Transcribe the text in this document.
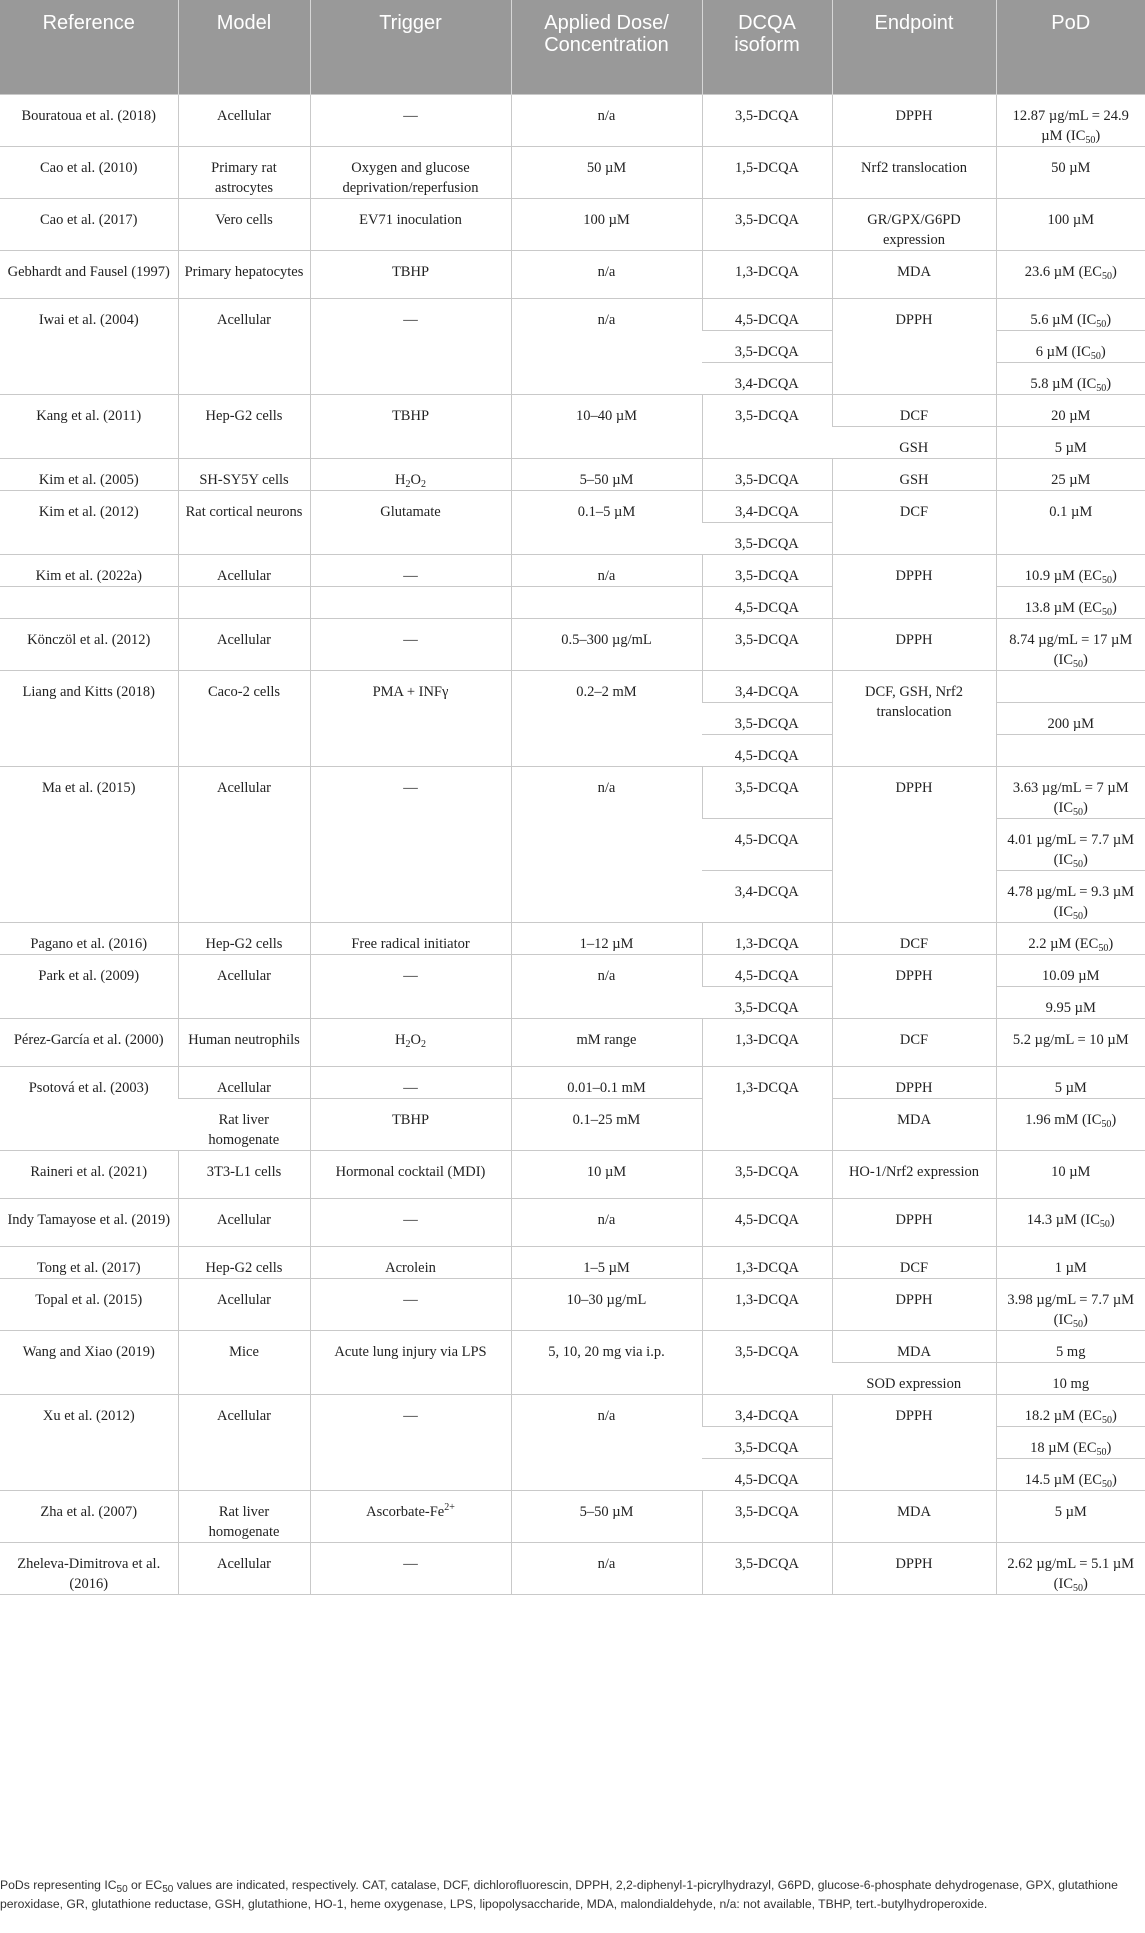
Reference	Model	Trigger	Applied Dose/ Concentration	DCQA isoform	Endpoint	PoD
Bouratoua et al. (2018)	Acellular	—	n/a	3,5-DCQA	DPPH	12.87 µg/mL = 24.9 µM $(IC_{50})$
Cao et al. (2010)	Primary rat astrocytes	Oxygen and glucose deprivation/reperfusion	50 µM	1,5-DCQA	Nrf2 translocation	50 µM
Cao et al. (2017)	Vero cells	EV71 inoculation	100 µM	3,5-DCQA	GR/GPX/G6PD expression	100 µM
Gebhardt and Fausel (1997)	Primary hepatocytes	TBHP	n/a	1,3-DCQA	MDA	23.6 µM $(EC_{50})$
Iwai et al. (2004)	Acellular	—	n/a	4,5-DCQA	DPPH	5.6 µM $(IC_{50})$
				3,5-DCQA		6 µM $(IC_{50})$
				3,4-DCQA		5.8 µM $(IC_{50})$
Kang et al. (2011)	Hep-G2 cells	TBHP	10–40 µM	3,5-DCQA	DCF	20 µM
					GSH	5 µM
Kim et al. (2005)	SH-SY5Y cells	$H_2O_2$	5–50 µM	3,5-DCQA	GSH	25 µM
Kim et al. (2012)	Rat cortical neurons	Glutamate	0.1–5 µM	3,4-DCQA	DCF	0.1 µM
				3,5-DCQA		
Kim et al. (2022a)	Acellular	—	n/a	3,5-DCQA	DPPH	10.9 µM $(EC_{50})$
				4,5-DCQA		13.8 µM $(EC_{50})$
Könczöl et al. (2012)	Acellular	—	0.5–300 µg/mL	3,5-DCQA	DPPH	8.74 µg/mL = 17 µM $(IC_{50})$
Liang and Kitts (2018)	Caco-2 cells	PMA + INFγ	0.2–2 mM	3,4-DCQA	DCF, GSH, Nrf2 translocation	
				3,5-DCQA		200 µM
				4,5-DCQA		
Ma et al. (2015)	Acellular	—	n/a	3,5-DCQA	DPPH	3.63 µg/mL = 7 µM $(IC_{50})$
				4,5-DCQA		4.01 µg/mL = 7.7 µM $(IC_{50})$
				3,4-DCQA		4.78 µg/mL = 9.3 µM $(IC_{50})$
Pagano et al. (2016)	Hep-G2 cells	Free radical initiator	1–12 µM	1,3-DCQA	DCF	2.2 µM $(EC_{50})$
Park et al. (2009)	Acellular	—	n/a	4,5-DCQA	DPPH	10.09 µM
				3,5-DCQA		9.95 µM
Pérez-García et al. (2000)	Human neutrophils	$H_2O_2$	mM range	1,3-DCQA	DCF	5.2 µg/mL = 10 µM
Psotová et al. (2003)	Acellular	—	0.01–0.1 mM	1,3-DCQA	DPPH	5 µM
	Rat liver homogenate	TBHP	0.1–25 mM		MDA	1.96 mM $(IC_{50})$
Raineri et al. (2021)	3T3-L1 cells	Hormonal cocktail (MDI)	10 µM	3,5-DCQA	HO-1/Nrf2 expression	10 µM
Indy Tamayose et al. (2019)	Acellular	—	n/a	4,5-DCQA	DPPH	14.3 µM $(IC_{50})$
Tong et al. (2017)	Hep-G2 cells	Acrolein	1–5 µM	1,3-DCQA	DCF	1 µM
Topal et al. (2015)	Acellular	—	10–30 µg/mL	1,3-DCQA	DPPH	3.98 µg/mL = 7.7 µM $(IC_{50})$
Wang and Xiao (2019)	Mice	Acute lung injury via LPS	5, 10, 20 mg via i.p.	3,5-DCQA	MDA	5 mg
					SOD expression	10 mg
Xu et al. (2012)	Acellular	—	n/a	3,4-DCQA	DPPH	18.2 µM $(EC_{50})$
				3,5-DCQA		18 µM $(EC_{50})$
				4,5-DCQA		14.5 µM $(EC_{50})$
Zha et al. (2007)	Rat liver homogenate	Ascorbate-$Fe^{2+}$	5–50 µM	3,5-DCQA	MDA	5 µM
Zheleva-Dimitrova et al. (2016)	Acellular	—	n/a	3,5-DCQA	DPPH	2.62 µg/mL = 5.1 µM $(IC_{50})$
PoDs representing $IC_{50}$ or $EC_{50}$ values are indicated, respectively. CAT, catalase, DCF, dichlorofluorescin, DPPH, 2,2-diphenyl-1-picrylhydrazyl, G6PD, glucose-6-phosphate dehydrogenase, GPX, glutathione peroxidase, GR, glutathione reductase, GSH, glutathione, HO-1, heme oxygenase, LPS, lipopolysaccharide, MDA, malondialdehyde, n/a: not available, TBHP, tert.-butylhydroperoxide.
